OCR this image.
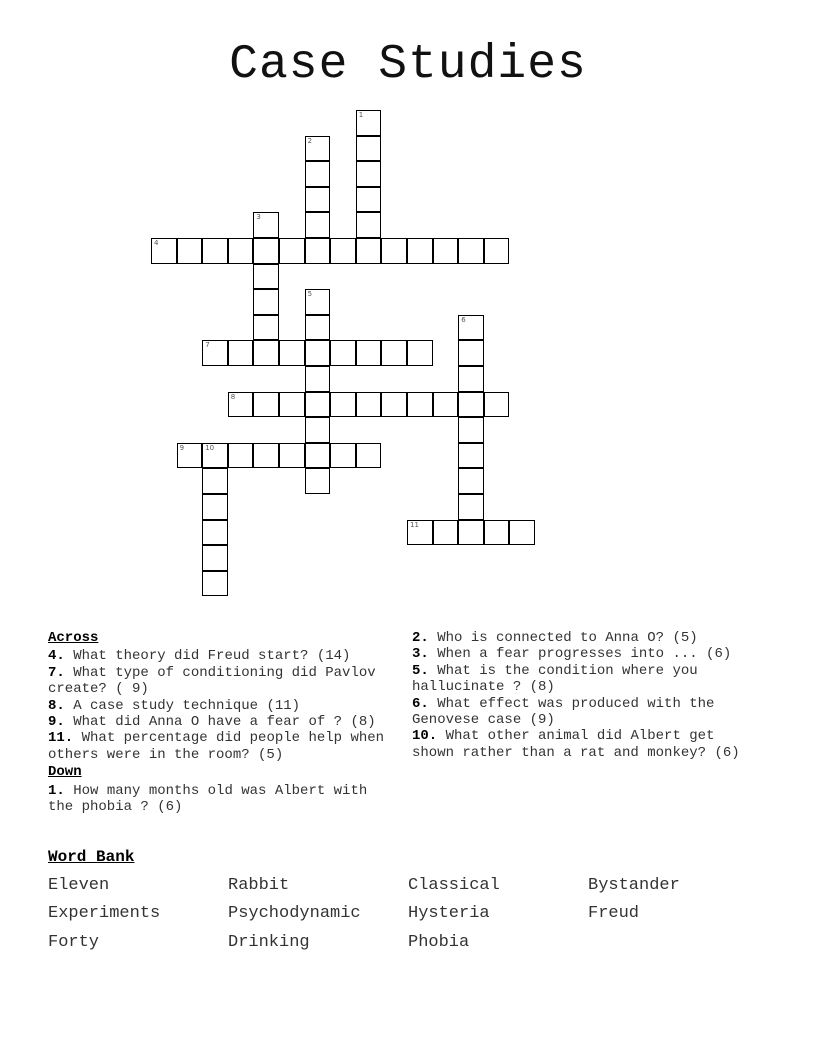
Case Studies
1
2
3
4
5
6
7
8
9	10
11
Across
4. What theory did Freud start? (14)
7. What type of conditioning did Pavlov create? ( 9)
8. A case study technique (11)
9. What did Anna O have a fear of ? (8)
11. What percentage did people help when others were in the room? (5)
Down
1. How many months old was Albert with the phobia ? (6)
2. Who is connected to Anna O? (5)
3. When a fear progresses into ... (6)
5. What is the condition where you hallucinate ? (8)
6. What effect was produced with the Genovese case (9)
10. What other animal did Albert get shown rather than a rat and monkey? (6)
Word Bank
Eleven	Rabbit	Classical	Bystander
Experiments	Psychodynamic	Hysteria	Freud
Forty	Drinking	Phobia
